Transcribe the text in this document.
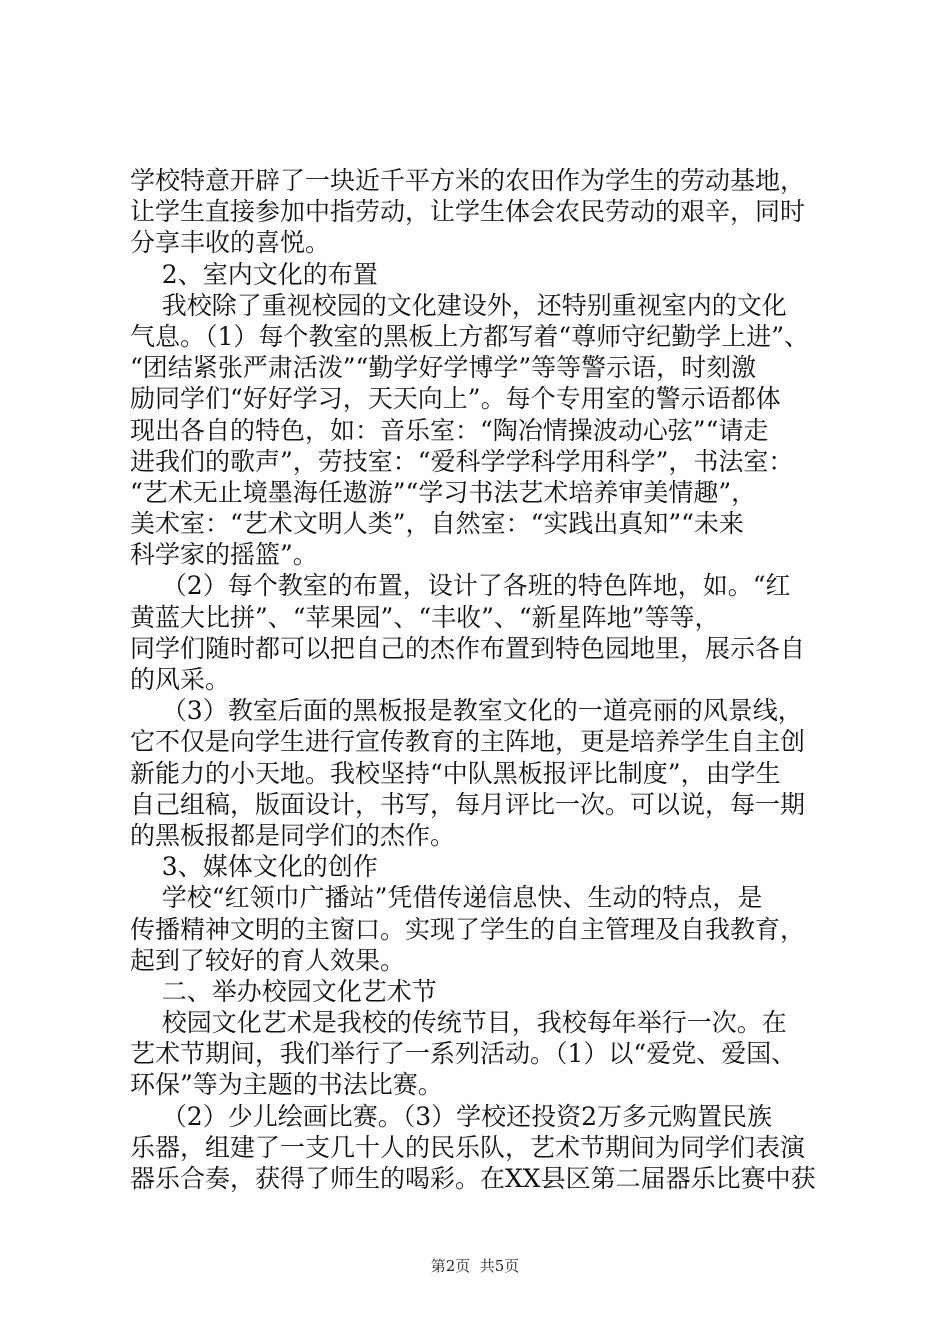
学校特意开辟了一块近千平方米的农田作为学生的劳动基地，
让学生直接参加中指劳动，让学生体会农民劳动的艰辛，同时
分享丰收的喜悦。
2、室内文化的布置
我校除了重视校园的文化建设外，还特别重视室内的文化
气息。（1）每个教室的黑板上方都写着“尊师守纪勤学上进”、
“团结紧张严肃活泼”“勤学好学博学”等等警示语，时刻激
励同学们“好好学习，天天向上”。每个专用室的警示语都体
现出各自的特色，如：音乐室：“陶冶情操波动心弦”“请走
进我们的歌声”，劳技室：“爱科学学科学用科学”，书法室：
“艺术无止境墨海任遨游”“学习书法艺术培养审美情趣”，
美术室：“艺术文明人类”，自然室：“实践出真知”“未来
科学家的摇篮”。
（2）每个教室的布置，设计了各班的特色阵地，如。“红
黄蓝大比拼”、“苹果园”、“丰收”、“新星阵地”等等，
同学们随时都可以把自己的杰作布置到特色园地里，展示各自
的风采。
（3）教室后面的黑板报是教室文化的一道亮丽的风景线，
它不仅是向学生进行宣传教育的主阵地，更是培养学生自主创
新能力的小天地。我校坚持“中队黑板报评比制度”，由学生
自己组稿，版面设计，书写，每月评比一次。可以说，每一期
的黑板报都是同学们的杰作。
3、媒体文化的创作
学校“红领巾广播站”凭借传递信息快、生动的特点，是
传播精神文明的主窗口。实现了学生的自主管理及自我教育，
起到了较好的育人效果。
二、举办校园文化艺术节
校园文化艺术是我校的传统节目，我校每年举行一次。在
艺术节期间，我们举行了一系列活动。（1）以“爱党、爱国、
环保”等为主题的书法比赛。
（2）少儿绘画比赛。（3）学校还投资2万多元购置民族
乐器，组建了一支几十人的民乐队，艺术节期间为同学们表演
器乐合奏，获得了师生的喝彩。在XX县区第二届器乐比赛中获
第2页  共5页
